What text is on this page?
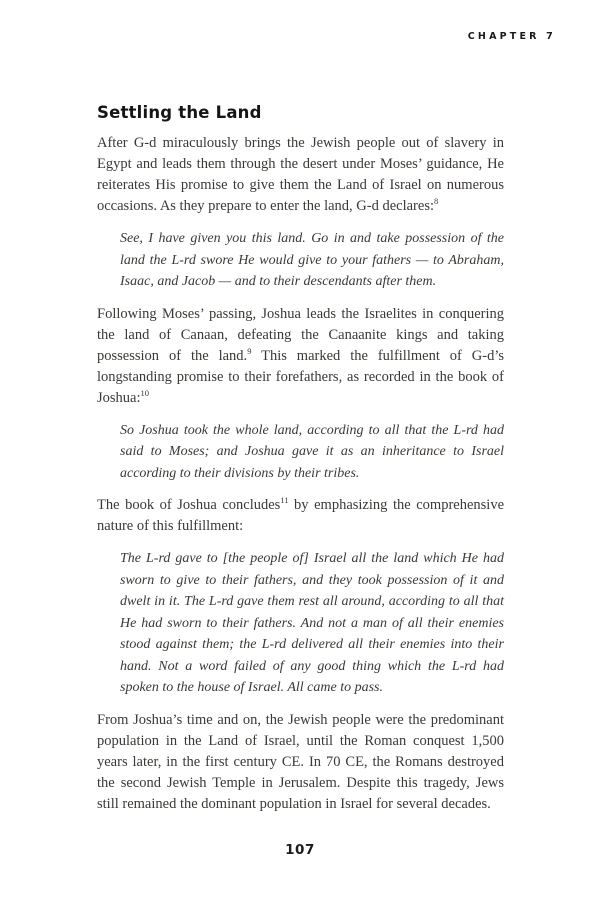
CHAPTER 7
Settling the Land

After G-d miraculously brings the Jewish people out of slavery in Egypt and leads them through the desert under Moses’ guidance, He reiterates His promise to give them the Land of Israel on numerous occasions. As they prepare to enter the land, G-d declares:$^8$

See, I have given you this land. Go in and take possession of the land the L-rd swore He would give to your fathers — to Abraham, Isaac, and Jacob — and to their descendants after them.

Following Moses’ passing, Joshua leads the Israelites in conquering the land of Canaan, defeating the Canaanite kings and taking possession of the land.$^9$ This marked the fulfillment of G-d’s longstanding promise to their forefathers, as recorded in the book of Joshua:$^{10}$

So Joshua took the whole land, according to all that the L-rd had said to Moses; and Joshua gave it as an inheritance to Israel according to their divisions by their tribes.

The book of Joshua concludes$^{11}$ by emphasizing the comprehensive nature of this fulfillment:

The L-rd gave to [the people of] Israel all the land which He had sworn to give to their fathers, and they took possession of it and dwelt in it. The L-rd gave them rest all around, according to all that He had sworn to their fathers. And not a man of all their enemies stood against them; the L-rd delivered all their enemies into their hand. Not a word failed of any good thing which the L-rd had spoken to the house of Israel. All came to pass.

From Joshua’s time and on, the Jewish people were the predominant population in the Land of Israel, until the Roman conquest 1,500 years later, in the first century CE. In 70 CE, the Romans destroyed the second Jewish Temple in Jerusalem. Despite this tragedy, Jews still remained the dominant population in Israel for several decades.

107
